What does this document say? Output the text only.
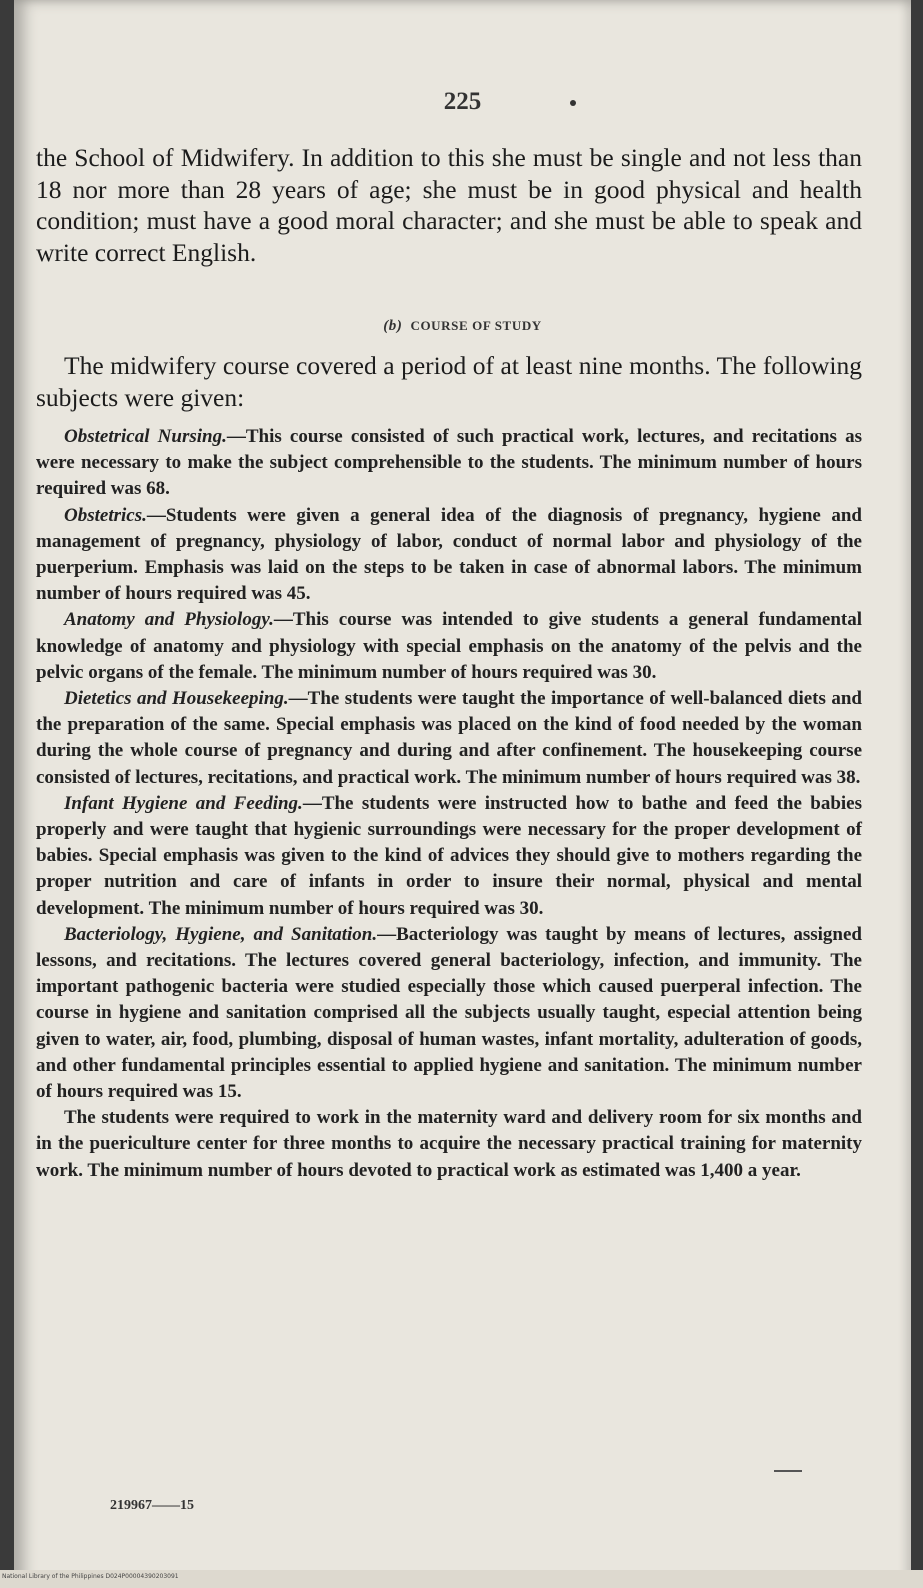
225

the School of Midwifery. In addition to this she must be single and not less than 18 nor more than 28 years of age; she must be in good physical and health condition; must have a good moral character; and she must be able to speak and write correct English.

(b) COURSE OF STUDY

The midwifery course covered a period of at least nine months. The following subjects were given:

Obstetrical Nursing.—This course consisted of such practical work, lectures, and recitations as were necessary to make the subject comprehensible to the students. The minimum number of hours required was 68.

Obstetrics.—Students were given a general idea of the diagnosis of pregnancy, hygiene and management of pregnancy, physiology of labor, conduct of normal labor and physiology of the puerperium. Emphasis was laid on the steps to be taken in case of abnormal labors. The minimum number of hours required was 45.

Anatomy and Physiology.—This course was intended to give students a general fundamental knowledge of anatomy and physiology with special emphasis on the anatomy of the pelvis and the pelvic organs of the female. The minimum number of hours required was 30.

Dietetics and Housekeeping.—The students were taught the importance of well-balanced diets and the preparation of the same. Special emphasis was placed on the kind of food needed by the woman during the whole course of pregnancy and during and after confinement. The housekeeping course consisted of lectures, recitations, and practical work. The minimum number of hours required was 38.

Infant Hygiene and Feeding.—The students were instructed how to bathe and feed the babies properly and were taught that hygienic surroundings were necessary for the proper development of babies. Special emphasis was given to the kind of advices they should give to mothers regarding the proper nutrition and care of infants in order to insure their normal, physical and mental development. The minimum number of hours required was 30.

Bacteriology, Hygiene, and Sanitation.—Bacteriology was taught by means of lectures, assigned lessons, and recitations. The lectures covered general bacteriology, infection, and immunity. The important pathogenic bacteria were studied especially those which caused puerperal infection. The course in hygiene and sanitation comprised all the subjects usually taught, especial attention being given to water, air, food, plumbing, disposal of human wastes, infant mortality, adulteration of goods, and other fundamental principles essential to applied hygiene and sanitation. The minimum number of hours required was 15.

The students were required to work in the maternity ward and delivery room for six months and in the puericulture center for three months to acquire the necessary practical training for maternity work. The minimum number of hours devoted to practical work as estimated was 1,400 a year.

219967——15
National Library of the Philippines D024P00004390203091
